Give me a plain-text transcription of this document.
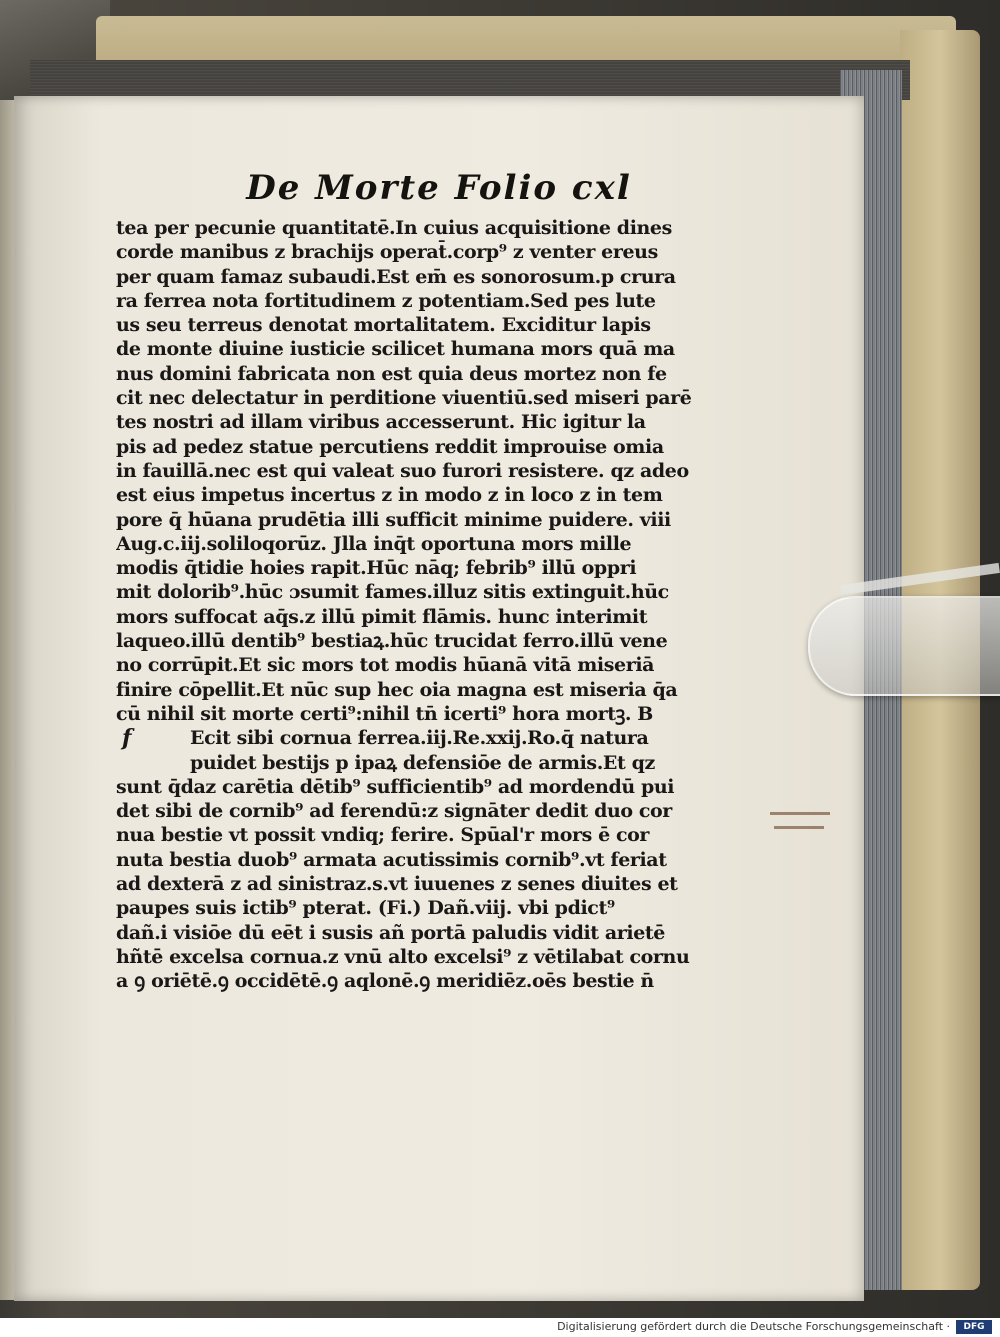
De Morte Folio cxl
tea per pecunie quantitatē.In cuius acquisitione dines
corde manibus z brachijs operat̄.corp⁹ z venter ereus
per quam famaz subaudi.Est em̄ es sonorosum.p crura
ra ferrea nota fortitudinem z potentiam.Sed pes lute
us seu terreus denotat mortalitatem. Exciditur lapis
de monte diuine iusticie scilicet humana mors quā ma
nus domini fabricata non est quia deus mortez non fe
cit nec delectatur in perditione viuentiū.sed miseri parē
tes nostri ad illam viribus accesserunt. Hic igitur la
pis ad pedez statue percutiens reddit improuise omia
in fauillā.nec est qui valeat suo furori resistere. qz adeo
est eius impetus incertus z in modo z in loco z in tem
pore q̄ hūana prudētia illi sufficit minime puidere. viii
Aug.c.iij.soliloqorūz. Jlla inq̄t oportuna mors mille
modis q̄tidie hoies rapit.Hūc nāq; febrib⁹ illū oppri
mit dolorib⁹.hūc ɔsumit fames.illuz sitis extinguit.hūc
mors suffocat aq̄s.z illū pimit flāmis. hunc interimit
laqueo.illū dentib⁹ bestiaꝝ.hūc trucidat ferro.illū vene
no corrūpit.Et sic mors tot modis hūanā vitā miseriā
finire cōpellit.Et nūc sup hec oia magna est miseria q̄a
cū nihil sit morte certi⁹:nihil tn̄ icerti⁹ hora mortꝫ. B
f	Ecit sibi cornua ferrea.iij.Re.xxij.Ro.q̄ natura
puidet bestijs p ipaꝝ defensiōe de armis.Et qz
sunt q̄daz carētia dētib⁹ sufficientib⁹ ad mordendū pui
det sibi de cornib⁹ ad ferendū:z signāter dedit duo cor
nua bestie vt possit vndiq; ferire. Spūal'r mors ē cor
nuta bestia duob⁹ armata acutissimis cornib⁹.vt feriat
ad dexterā z ad sinistraz.s.vt iuuenes z senes diuites et
paupes suis ictib⁹ pterat. (Fi.) Dañ.viij. vbi pdict⁹
dañ.i visiōe dū eēt i susis añ portā paludis vidit arietē
hñtē excelsa cornua.z vnū alto excelsi⁹ z vētilabat cornu
a ꝯ oriētē.ꝯ occidētē.ꝯ aqlonē.ꝯ meridiēz.oēs bestie n̄
Digitalisierung gefördert durch die Deutsche Forschungsgemeinschaft ·	DFG
